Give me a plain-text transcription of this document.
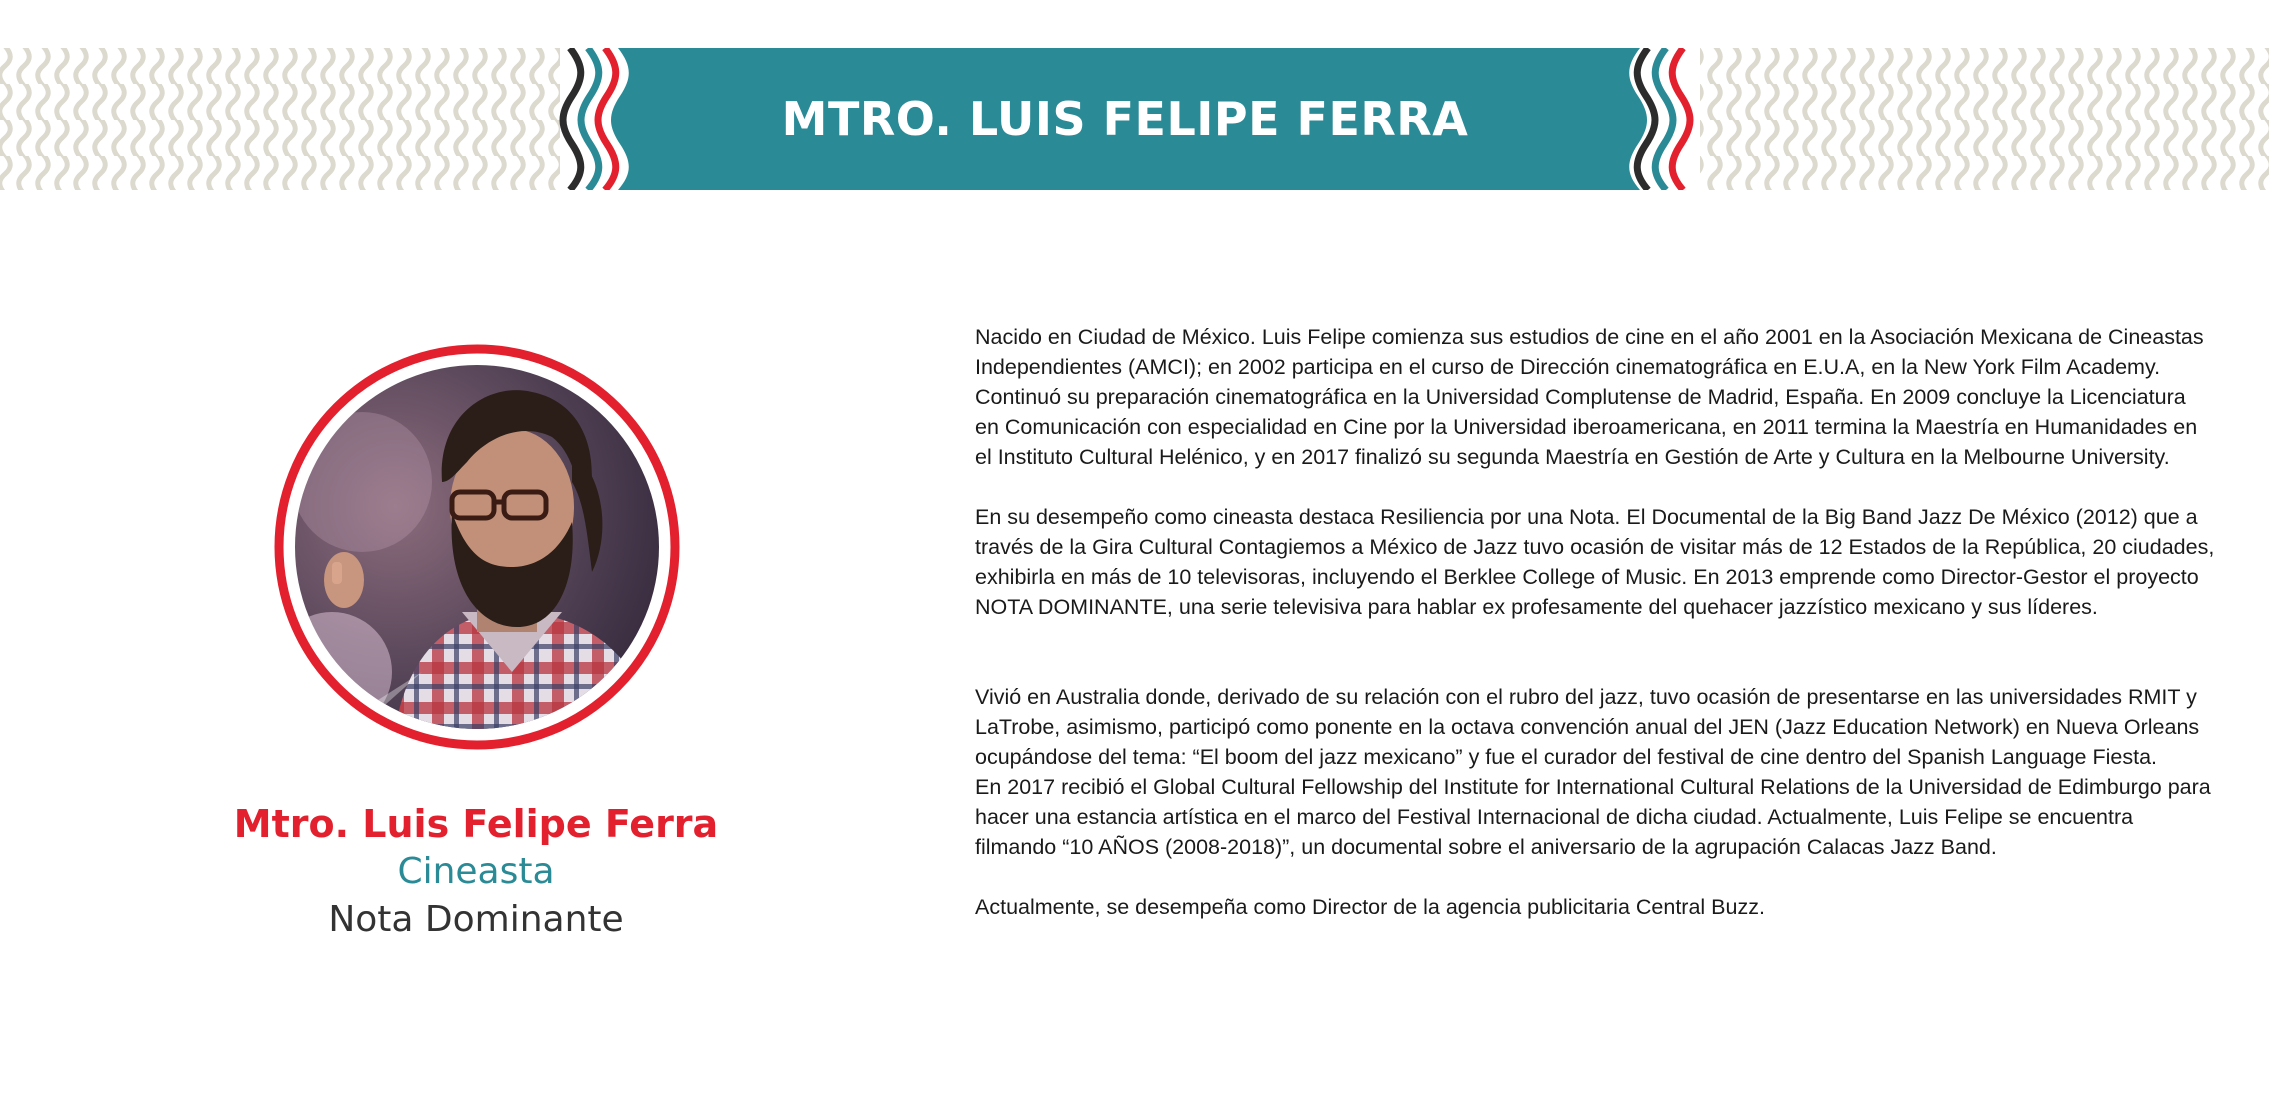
MTRO. LUIS FELIPE FERRA
Mtro. Luis Felipe Ferra
Cineasta
Nota Dominante

Nacido en Ciudad de México. Luis Felipe comienza sus estudios de cine en el año 2001 en la Asociación Mexicana de Cineastas Independientes (AMCI); en 2002 participa en el curso de Dirección cinematográfica en E.U.A, en la New York Film Academy. Continuó su preparación cinematográfica en la Universidad Complutense de Madrid, España. En 2009 concluye la Licenciatura en Comunicación con especialidad en Cine por la Universidad iberoamericana, en 2011 termina la Maestría en Humanidades en el Instituto Cultural Helénico, y en 2017 finalizó su segunda Maestría en Gestión de Arte y Cultura en la Melbourne University.

En su desempeño como cineasta destaca Resiliencia por una Nota. El Documental de la Big Band Jazz De México (2012) que a través de la Gira Cultural Contagiemos a México de Jazz tuvo ocasión de visitar más de 12 Estados de la República, 20 ciudades, exhibirla en más de 10 televisoras, incluyendo el Berklee College of Music. En 2013 emprende como Director-Gestor el proyecto NOTA DOMINANTE, una serie televisiva para hablar ex profesamente del quehacer jazzístico mexicano y sus líderes.

Vivió en Australia donde, derivado de su relación con el rubro del jazz, tuvo ocasión de presentarse en las universidades RMIT y LaTrobe, asimismo, participó como ponente en la octava convención anual del JEN (Jazz Education Network) en Nueva Orleans ocupándose del tema: “El boom del jazz mexicano” y fue el curador del festival de cine dentro del Spanish Language Fiesta.

En 2017 recibió el Global Cultural Fellowship del Institute for International Cultural Relations de la Universidad de Edimburgo para hacer una estancia artística en el marco del Festival Internacional de dicha ciudad. Actualmente, Luis Felipe se encuentra filmando “10 AÑOS (2008-2018)”, un documental sobre el aniversario de la agrupación Calacas Jazz Band.

Actualmente, se desempeña como Director de la agencia publicitaria Central Buzz.
